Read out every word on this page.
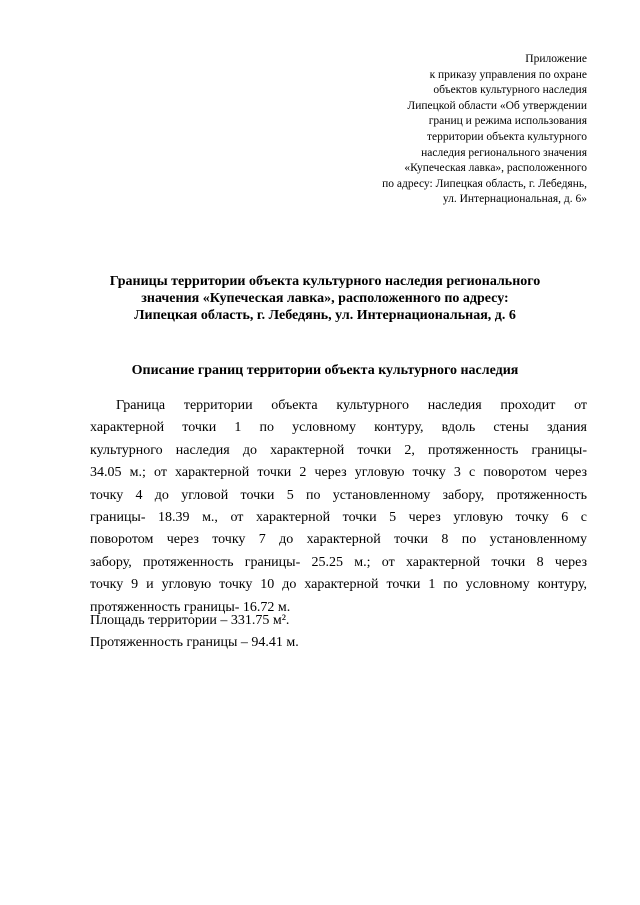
Приложение
к приказу управления по охране
объектов культурного наследия
Липецкой области «Об утверждении
границ и режима использования
территории объекта культурного
наследия регионального значения
«Купеческая лавка», расположенного
по адресу: Липецкая область, г. Лебедянь,
ул. Интернациональная, д. 6»
Границы территории объекта культурного наследия регионального
значения «Купеческая лавка», расположенного по адресу:
Липецкая область, г. Лебедянь, ул. Интернациональная, д. 6
Описание границ территории объекта культурного наследия
Граница территории объекта культурного наследия проходит от
характерной точки 1 по условному контуру, вдоль стены здания
культурного наследия до характерной точки 2, протяженность границы-
34.05 м.; от характерной точки 2 через угловую точку 3 с поворотом через
точку 4 до угловой точки 5 по установленному забору, протяженность
границы- 18.39 м., от характерной точки 5 через угловую точку 6 с
поворотом через точку 7 до характерной точки 8 по установленному
забору, протяженность границы- 25.25 м.; от характерной точки 8 через
точку 9 и угловую точку 10 до характерной точки 1 по условному контуру,
протяженность границы- 16.72 м.
Площадь территории – 331.75 м².
Протяженность границы – 94.41 м.
